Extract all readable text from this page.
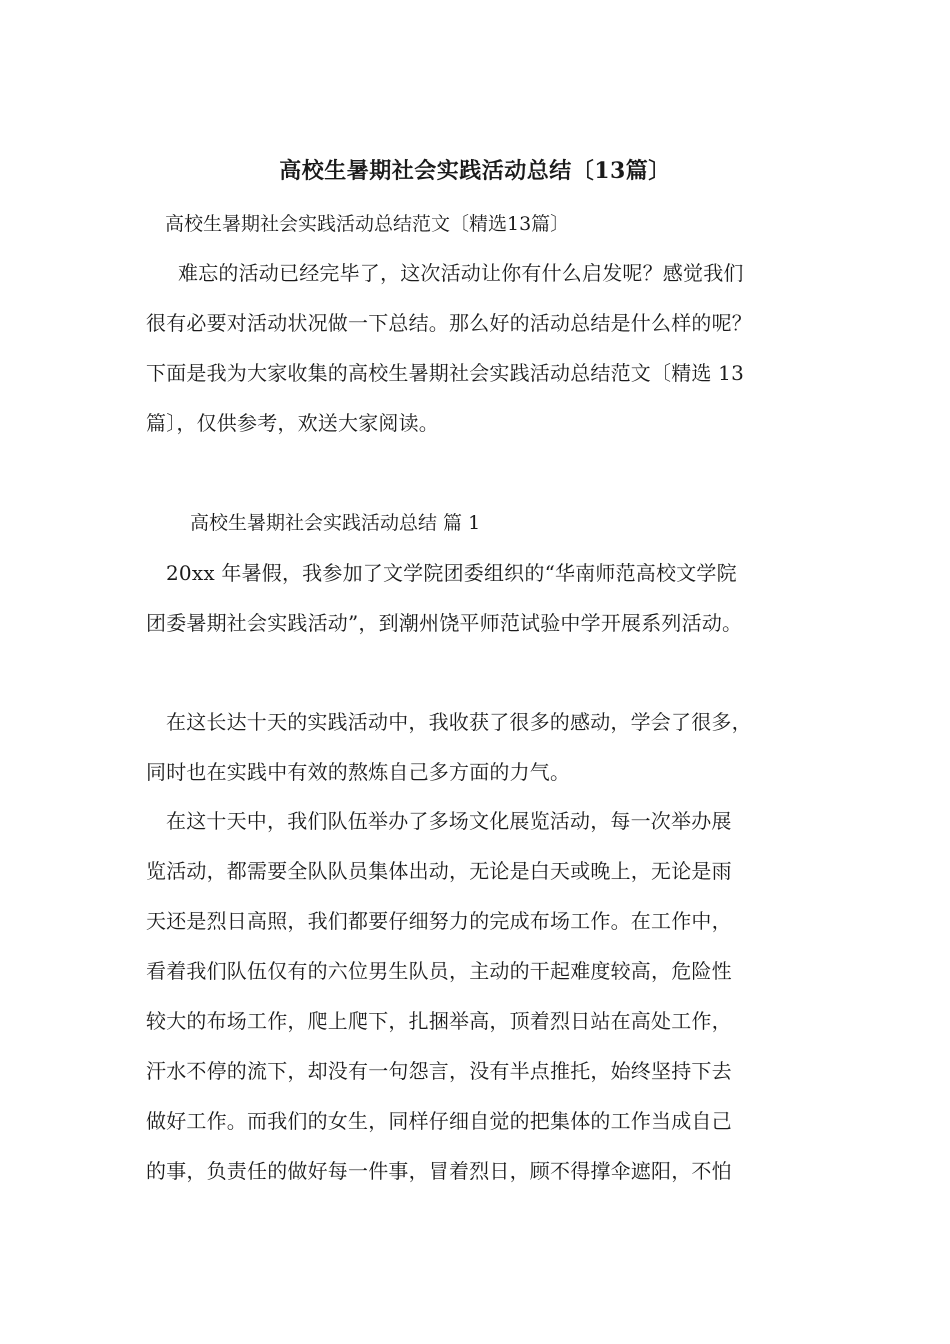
高校生暑期社会实践活动总结〔13篇〕
高校生暑期社会实践活动总结范文〔精选13篇〕
难忘的活动已经完毕了，这次活动让你有什么启发呢？感觉我们
很有必要对活动状况做一下总结。那么好的活动总结是什么样的呢？
下面是我为大家收集的高校生暑期社会实践活动总结范文〔精选 13
篇〕，仅供参考，欢送大家阅读。
高校生暑期社会实践活动总结 篇 1
20xx 年暑假，我参加了文学院团委组织的“华南师范高校文学院
团委暑期社会实践活动”，到潮州饶平师范试验中学开展系列活动。
在这长达十天的实践活动中，我收获了很多的感动，学会了很多，
同时也在实践中有效的熬炼自己多方面的力气。
在这十天中，我们队伍举办了多场文化展览活动，每一次举办展
览活动，都需要全队队员集体出动，无论是白天或晚上，无论是雨
天还是烈日高照，我们都要仔细努力的完成布场工作。在工作中，
看着我们队伍仅有的六位男生队员，主动的干起难度较高，危险性
较大的布场工作，爬上爬下，扎捆举高，顶着烈日站在高处工作，
汗水不停的流下，却没有一句怨言，没有半点推托，始终坚持下去
做好工作。而我们的女生，同样仔细自觉的把集体的工作当成自己
的事，负责任的做好每一件事，冒着烈日，顾不得撑伞遮阳，不怕
